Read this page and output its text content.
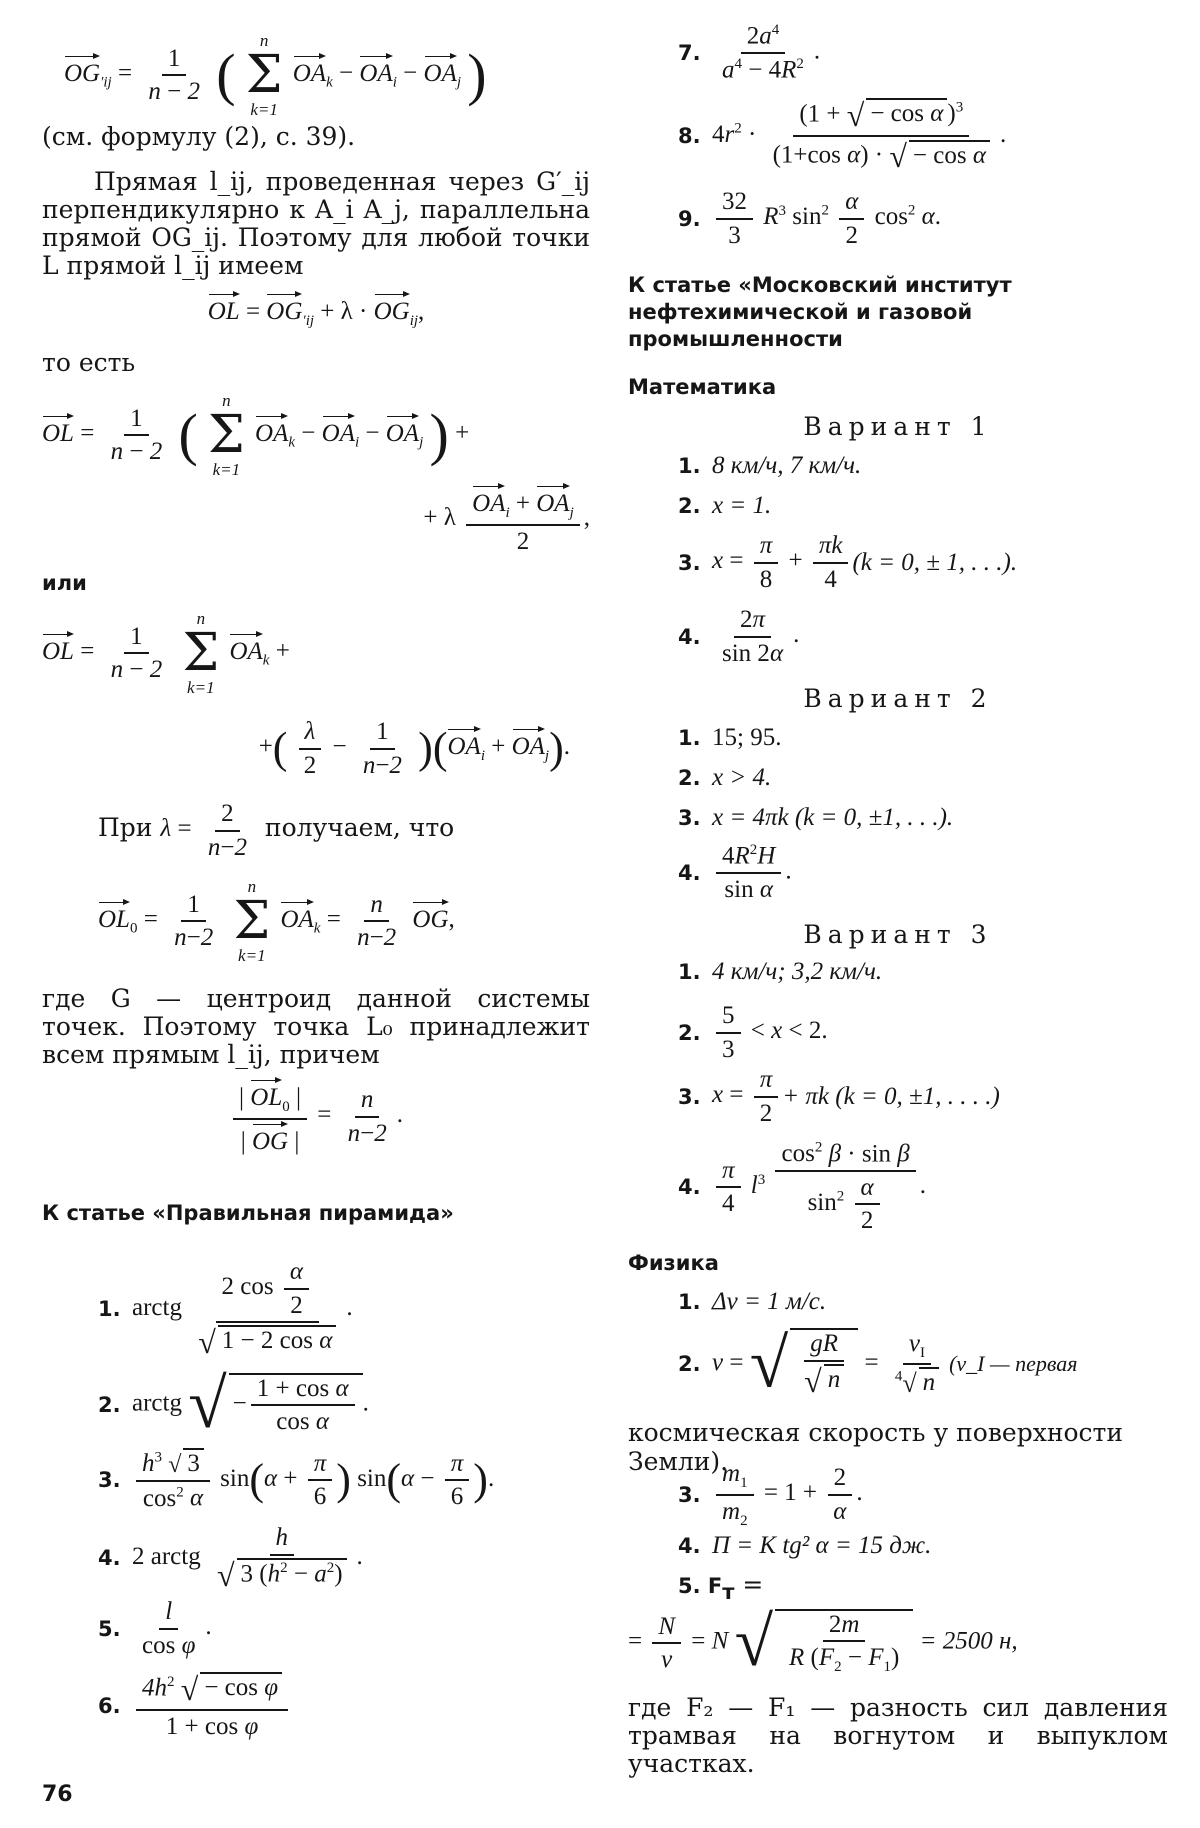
$OG_{'ij} = \frac{1}{n - 2}$ (
n
Σ
k=1
$OA_k - OA_i - OA_j$ )
(см. формулу (2), с. 39).
Прямая l_ij, проведенная через G′_ij перпендикулярно к A_i A_j, параллельна прямой OG_ij. Поэтому для любой точки L прямой l_ij имеем
OL = $OG_{'ij} + \lambda \cdot OG_{ij}$,
то есть
OL = $\frac{1}{n - 2}$ (
n
Σ
k=1
$OA_k - OA_i - OA_j$ ) +
+ λ $\frac{OA_i + OA_j}{2}$ ,
или
OL = $\frac{1}{n - 2}$

n
Σ
k=1
$OA_k$ +
+( $\frac{\lambda}{2} - \frac{1}{n-2} )(OA_i + OA_j)$.
При $\lambda = \frac{2}{n-2}$ получаем, что
$OL_0 = \frac{1}{n-2}$

n
Σ
k=1
$OA_k = \frac{n}{n-2}$ OG,
где G — центроид данной системы точек. Поэтому точка L₀ принадлежит всем прямым l_ij, причем
$\frac{| OL_0 |}{| OG |} = \frac{n}{n-2}$ .
К статье «Правильная пирамида»
1. arctg $\frac{2 \cos \frac{\alpha}{2}}{\text{√ 1 − 2 cos α}}$ .
2. arctg √ − $\frac{\text{1 + cos α}}{\text{cos α}}$ .
3. $\frac{h^3 √ 3}{\cos^2 \alpha} \sin(\alpha + \frac{\pi}{6}$ ) $\sin(\alpha - \frac{\pi}{6}$ ).
4. 2 arctg $\frac{h}{√ 3 (h^2 - a^2)}$ .
5. $\frac{l}{\text{cos φ}}$ .
6. $\frac{4h^2 √ - \cos \varphi}{\text{1 + cos φ}}$
7. $\frac{2a^4}{a^4 - 4R^2}$ .
8. $4r^2 \cdot \frac{(1 + √ - \cos \alpha )^3}{\text{(1+cos α) · √ − cos α}}$ .
9. $\frac{32}{3} R^3$ $\sin^2 \frac{\alpha}{2} \cos^2 \alpha$.
К статье «Московский институт нефтехимической и газовой промышленности
Математика
Вариант 1
1. 8 км/ч, 7 км/ч.
2. x = 1.
3. $x = \frac{\pi}{8} + \frac{\pi k}{4} (k = 0$, ± 1, . . .).
4. $\frac{2\pi}{\sin 2\alpha}$ .
Вариант 2
1. 15; 95.
2. x > 4.
3. x = 4πk (k = 0, ±1, . . .).
4. $\frac{4R^2H}{\text{sin α}}$ .
Вариант 3
1. 4 км/ч; 3,2 км/ч.
2. $\frac{5}{3} < x < 2$.
3. $x = \frac{\pi}{2} + \pi k$ (k = 0, ±1, . . . .)
4. $\frac{\pi}{4} l^3 \frac{\cos^2 \beta \cdot \sin \beta}{\sin^2 \frac{\alpha}{2}}$ .
Физика
1. Δv = 1 м/с.
2. v = √ $\frac{gR}{√ n} = \frac{v_I}{^4√ n}$ (v_I — первая
космическая скорость у поверхности Земли).
3. $\frac{m_1}{m_2} = 1 + \frac{2}{\alpha}$ .
4. П = K tg² α = 15 дж.
5. $F_т$ =
= $\frac{N}{v} = N$ √ $\frac{2m}{R (F_2 - F_1)} = 2500$ н,
где F₂ — F₁ — разность сил давления трамвая на вогнутом и выпуклом участках.
76
